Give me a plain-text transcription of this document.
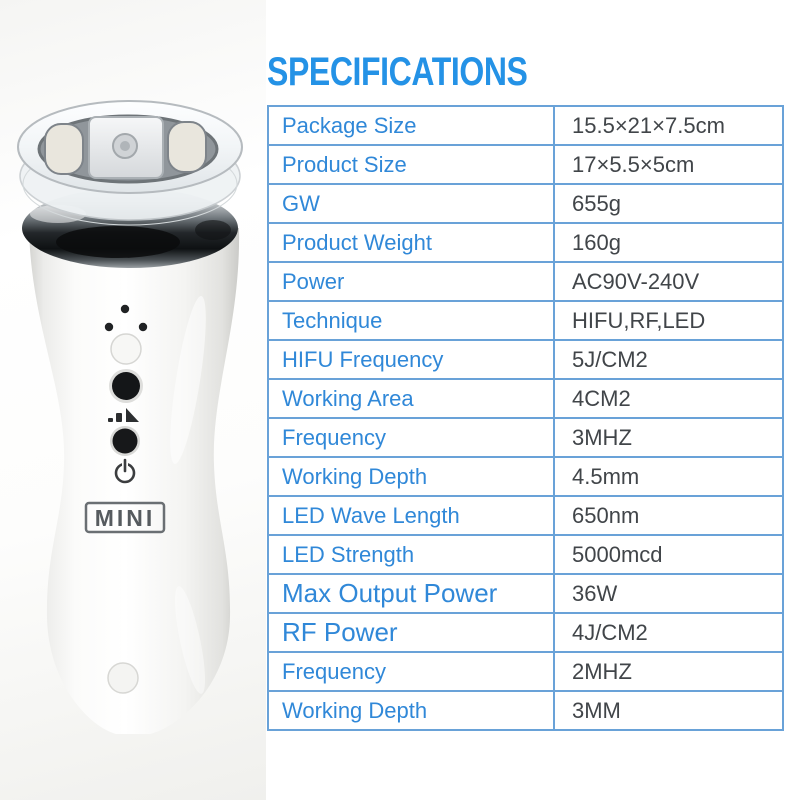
MINI
SPECIFICATIONS
Package Size	15.5×21×7.5cm
Product Size	17×5.5×5cm
GW	655g
Product Weight	160g
Power	AC90V-240V
Technique	HIFU,RF,LED
HIFU Frequency	5J/CM2
Working Area	4CM2
Frequency	3MHZ
Working Depth	4.5mm
LED Wave Length	650nm
LED Strength	5000mcd
Max Output Power	36W
RF Power	4J/CM2
Frequency	2MHZ
Working Depth	3MM
